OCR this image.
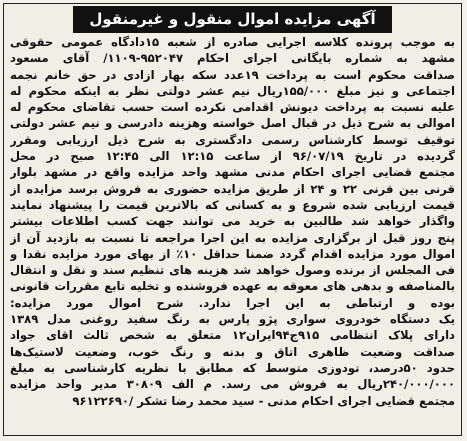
آگهی مزایده اموال منقول و غیرمنقول
به موجب پرونده کلاسه اجرایی صادره از شعبه ۱۵دادگاه عمومی حقوقی
مشهد به شماره بایگانی اجرای احکام ۹۵۲۰۴۷-۱۱۰۹/ آقای مسعود
صداقت محکوم است به پرداخت ۱۹عدد سکه بهار ازادی در حق خانم نجمه
اجتماعی و نیز مبلغ ۱۵۵/۰۰۰ریال نیم عشر دولتی نظر به اینکه محکوم له
علیه نسبت به پرداخت دیونش اقدامی نکرده است حسب تقاضای محکوم له
اموالی به شرح ذیل در قبال اصل خواسته وهزینه دادرسی و نیم عشر دولتی
توقیف توسط کارشناس رسمی دادگستری به شرح ذیل ارزیابی ومقرر
گردیده در تاریخ ۹۶/۰۷/۱۹ از ساعت ۱۲:۱۵ الی ۱۲:۴۵ صبح در محل
مجتمع قضایی اجرای احکام مدنی مشهد واحد مزایده واقع در مشهد بلوار
قرنی بین قرنی ۲۲ و ۲۴ از طریق مزایده حضوری به فروش برسد مزایده از
قیمت ارزیابی شده شروع و به کسانی که بالاترین قیمت را پیشنهاد نمایند
واگذار خواهد شد طالبین به خرید می توانند جهت کسب اطلاعات بیشتر
پنج روز قبل از برگزاری مزایده به این اجرا مراجعه تا نسبت به بازدید آن از
اموال مورد مزایده اقدام گردد ضمنا حداقل ۱۰٪ از بهای مورد مزایده نقدا و
فی المجلس از برنده وصول خواهد شد هزینه های تنظیم سند و نقل و انتقال
بالمناصفه و بدهی های معوقه به عهده فروشنده و تخلیه تابع مقررات قانونی
بوده و ارتباطی به این اجرا ندارد. شرح اموال مورد مزایده:
یک دستگاه خودروی سواری پژو پارس به رنگ سفید روغنی مدل ۱۳۸۹
دارای پلاک انتظامی ۹۱۵ج۹۴ایران۱۲ متعلق به شخص ثالث اقای جواد
صداقت وضعیت ظاهری اتاق و بدنه و رنگ خوب، وضعیت لاستیک‌ها
حدود ۵۰درصد، تودوزی متوسط که مطابق با نظریه کارشناسی به مبلغ
۲۴۰/۰۰۰/۰۰۰ریال به فروش می رسد. م الف ۳۰۸۰۹ مدیر واحد مزایده
مجتمع قضایی اجرای احکام مدنی - سید محمد رضا تشکر /۹۶۱۲۲۶۹۰
